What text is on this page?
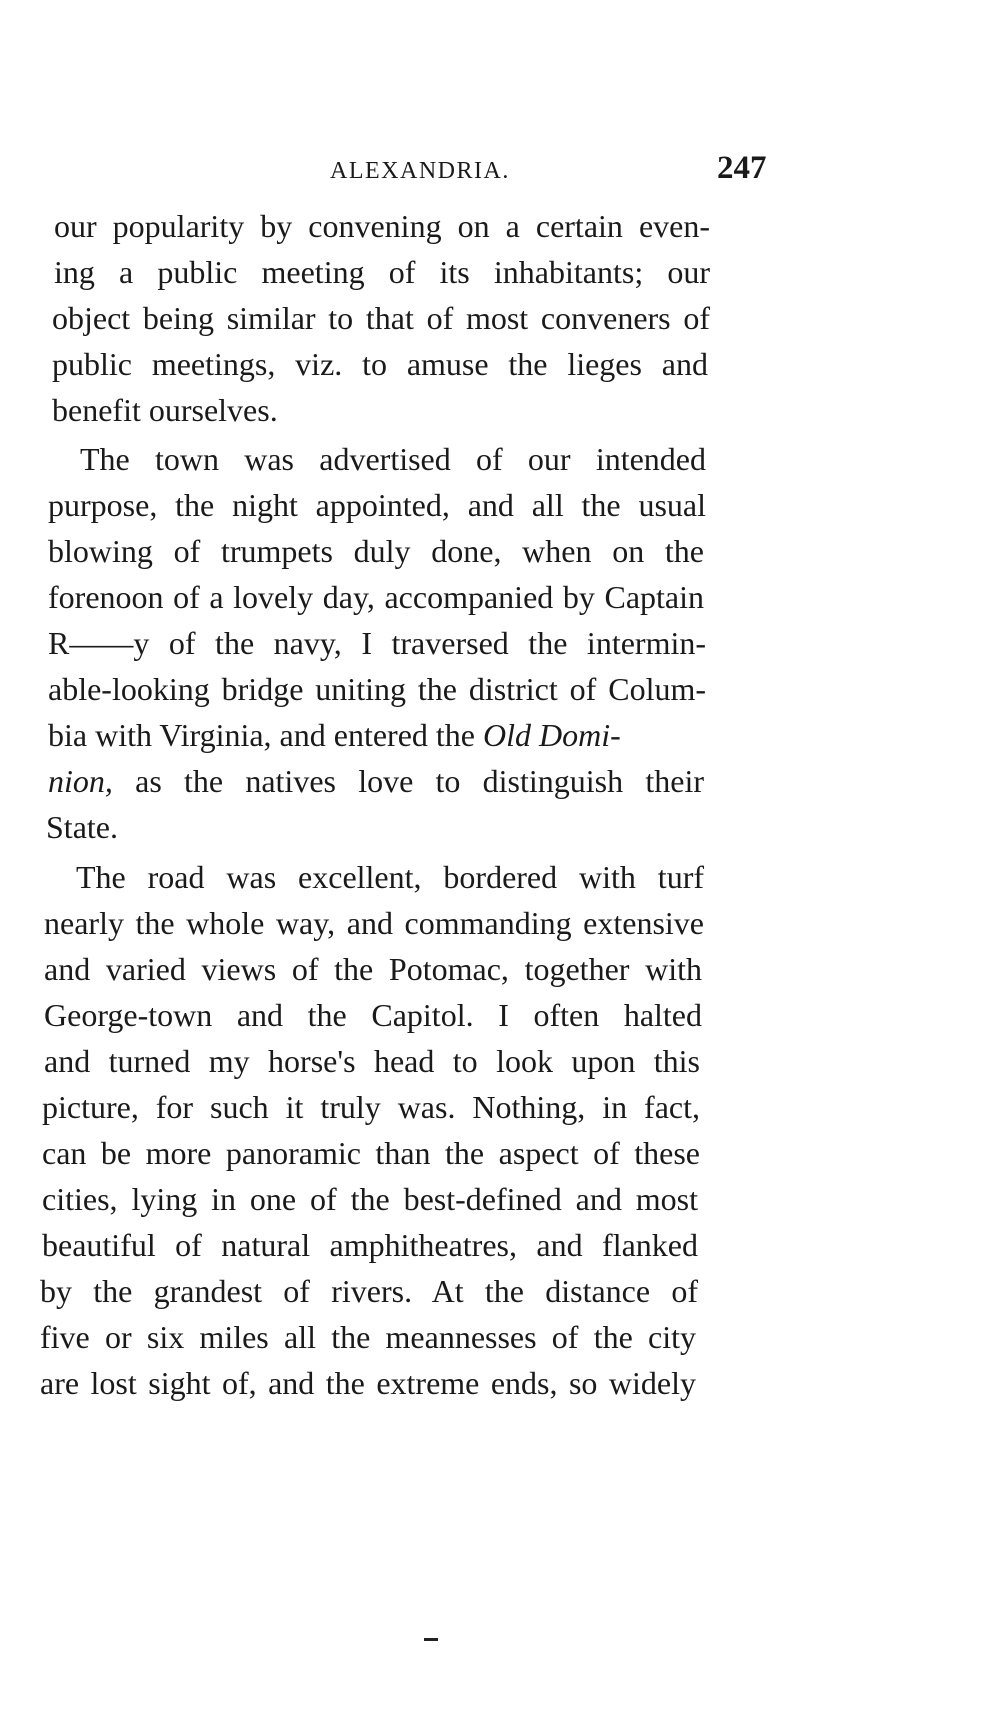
ALEXANDRIA.	247
our popularity by convening on a certain even-
ing a public meeting of its inhabitants; our
object being similar to that of most conveners of
public meetings, viz. to amuse the lieges and
benefit ourselves.
The town was advertised of our intended
purpose, the night appointed, and all the usual
blowing of trumpets duly done, when on the
forenoon of a lovely day, accompanied by Captain
R——y of the navy, I traversed the intermin-
able-looking bridge uniting the district of Colum-
bia with Virginia, and entered the Old Domi-
nion, as the natives love to distinguish their
State.
The road was excellent, bordered with turf
nearly the whole way, and commanding extensive
and varied views of the Potomac, together with
George-town and the Capitol. I often halted
and turned my horse's head to look upon this
picture, for such it truly was. Nothing, in fact,
can be more panoramic than the aspect of these
cities, lying in one of the best-defined and most
beautiful of natural amphitheatres, and flanked
by the grandest of rivers. At the distance of
five or six miles all the meannesses of the city
are lost sight of, and the extreme ends, so widely
